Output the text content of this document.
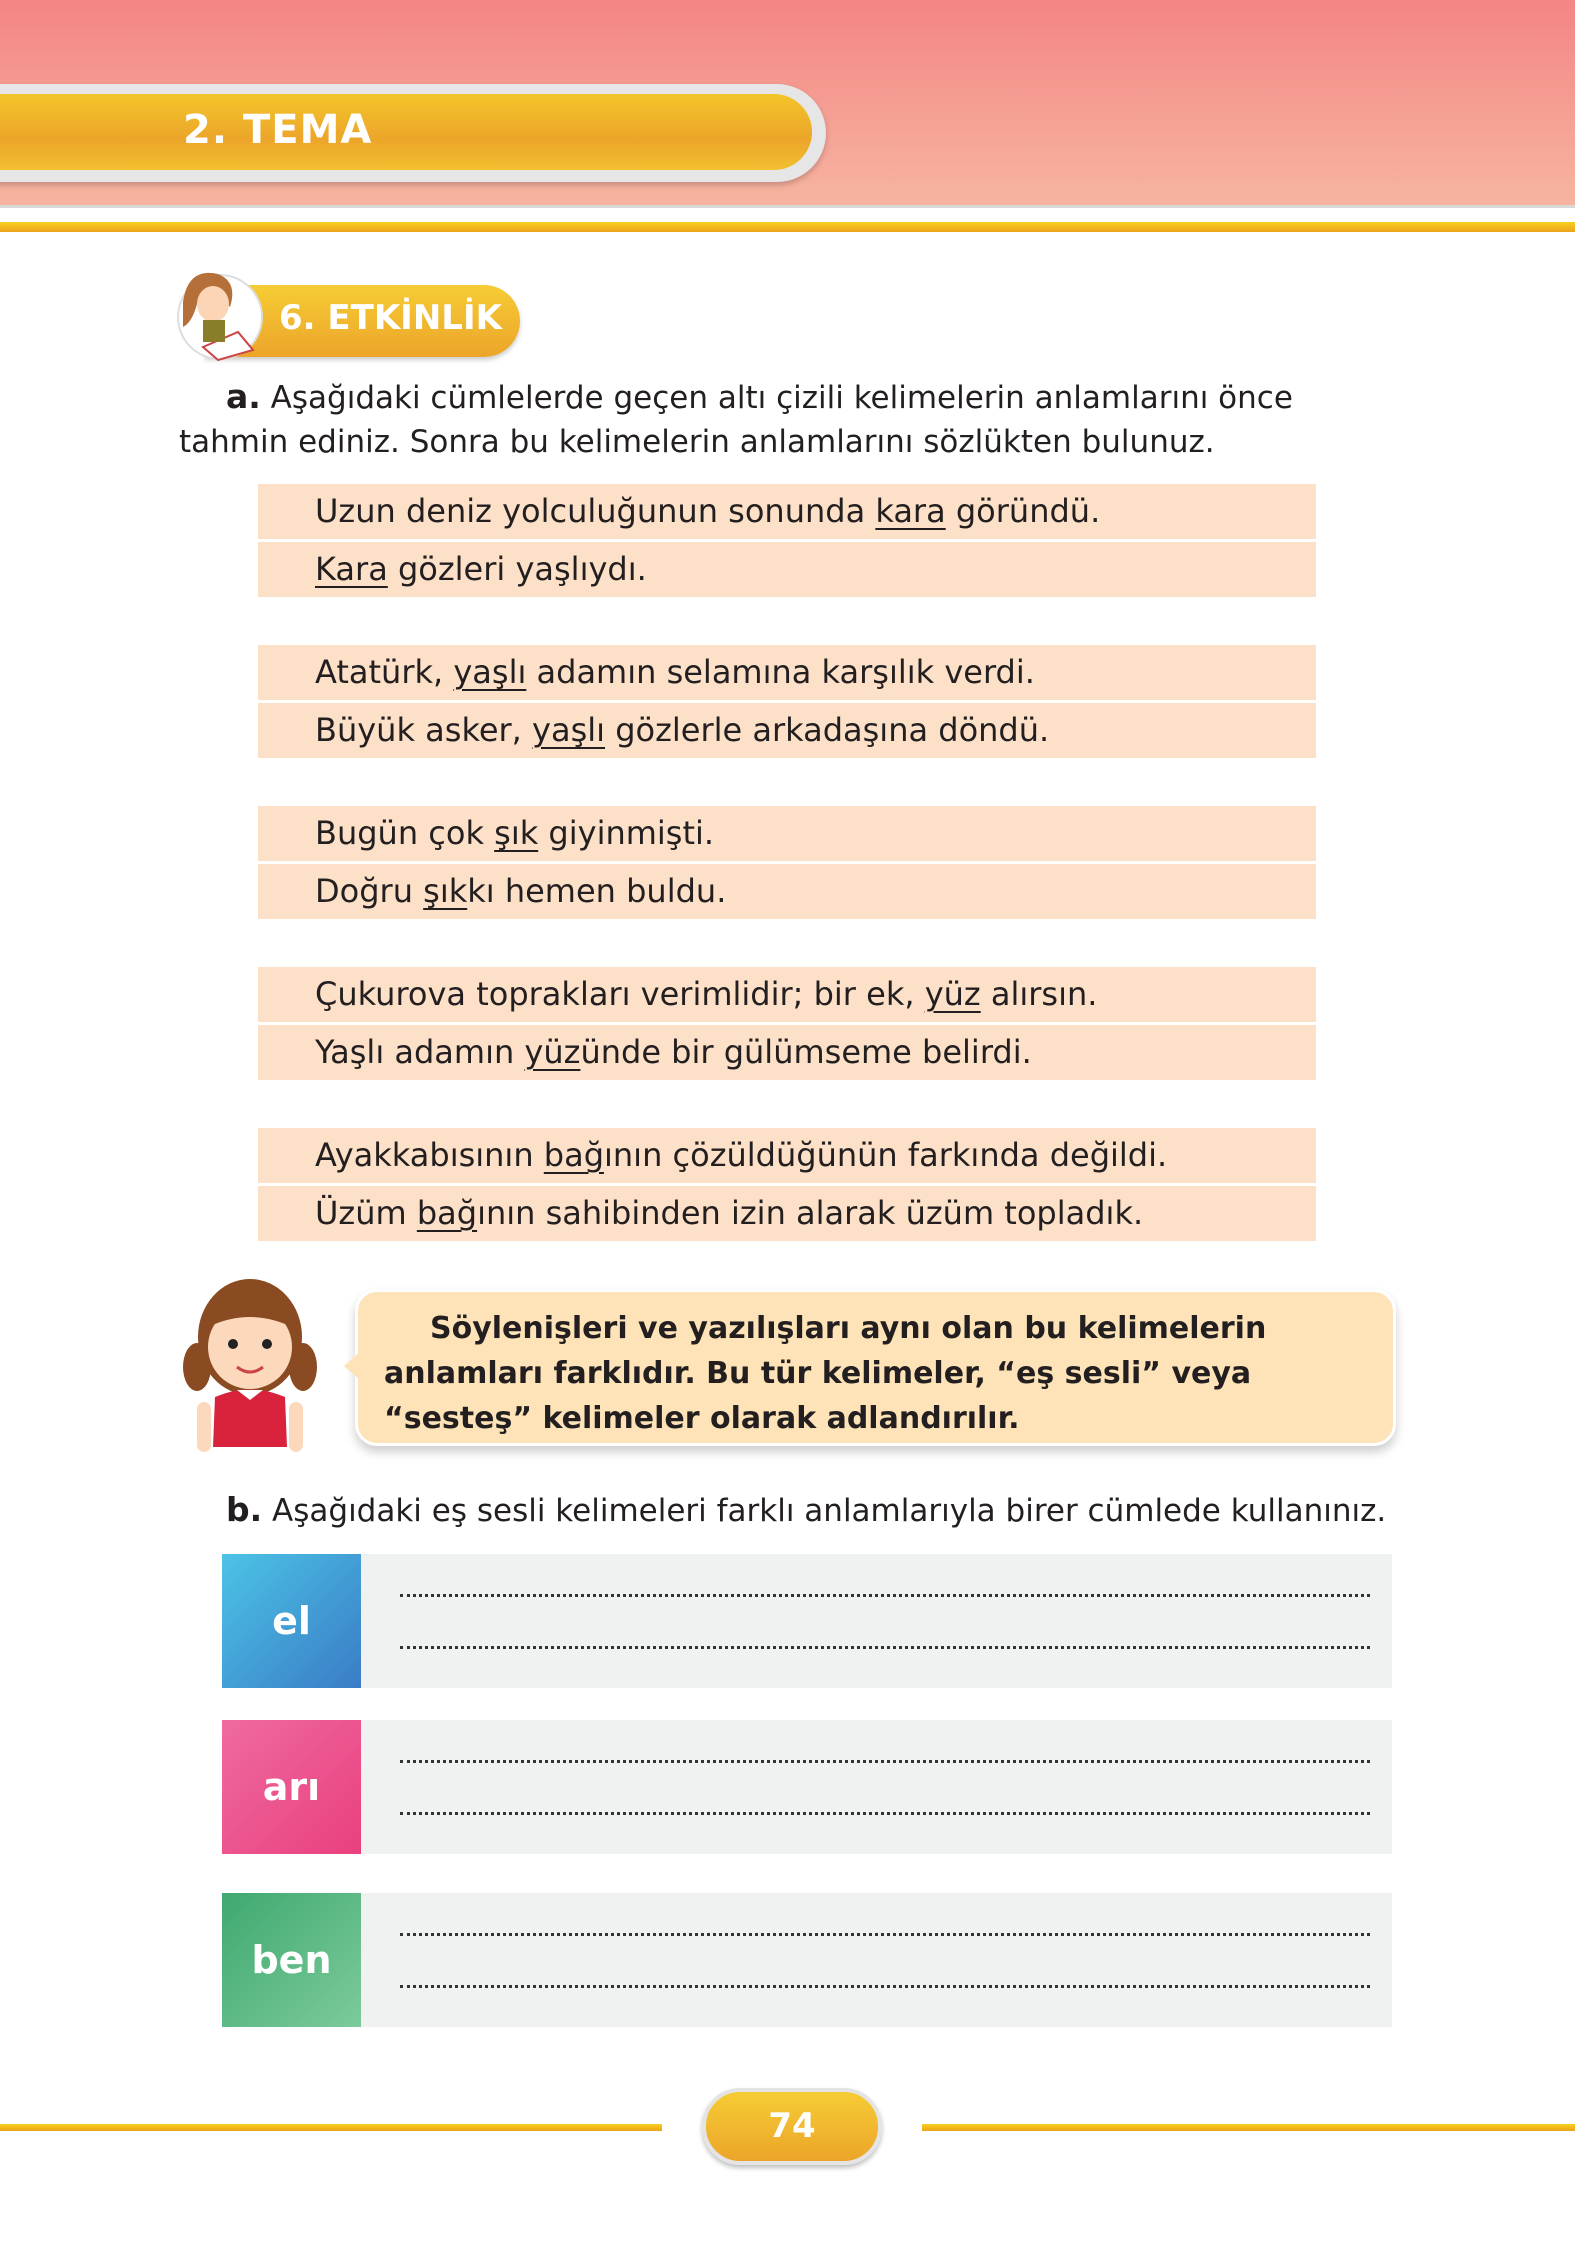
2. TEMA
6. ETKİNLİK
a. Aşağıdaki cümlelerde geçen altı çizili kelimelerin anlamlarını önce tahmin ediniz. Sonra bu kelimelerin anlamlarını sözlükten bulunuz.
Uzun deniz yolculuğunun sonunda kara göründü.
Kara gözleri yaşlıydı.
Atatürk, yaşlı adamın selamına karşılık verdi.
Büyük asker, yaşlı gözlerle arkadaşına döndü.
Bugün çok şık giyinmişti.
Doğru şıkkı hemen buldu.
Çukurova toprakları verimlidir; bir ek, yüz alırsın.
Yaşlı adamın yüzünde bir gülümseme belirdi.
Ayakkabısının bağının çözüldüğünün farkında değildi.
Üzüm bağının sahibinden izin alarak üzüm topladık.

Söylenişleri ve yazılışları aynı olan bu kelimelerin anlamları farklıdır. Bu tür kelimeler, “eş sesli” veya “sesteş” kelimeler olarak adlandırılır.

b. Aşağıdaki eş sesli kelimeleri farklı anlamlarıyla birer cümlede kullanınız.
el
arı
ben
74
